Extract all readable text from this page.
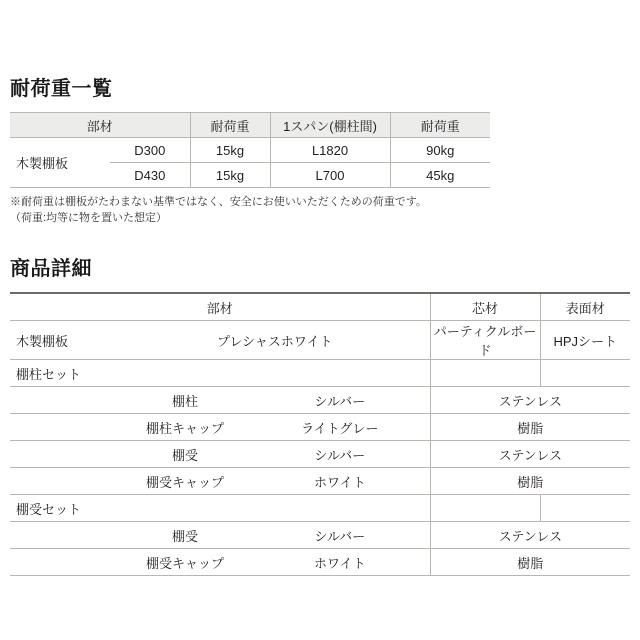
耐荷重一覧
部材		耐荷重	1スパン(棚柱間)	耐荷重	
木製棚板	D300	15kg	L1820	90kg	
	D430	15kg	L700	45kg	
※耐荷重は棚板がたわまない基準ではなく、安全にお使いいただくための荷重です。
（荷重:均等に物を置いた想定）
商品詳細
部材			芯材	表面材
木製棚板	プレシャスホワイト		パーティクルボード	HPJシート
棚柱セット				
	棚柱	シルバー	ステンレス	
	棚柱キャップ	ライトグレー	樹脂	
	棚受	シルバー	ステンレス	
	棚受キャップ	ホワイト	樹脂	
棚受セット				
	棚受	シルバー	ステンレス	
	棚受キャップ	ホワイト	樹脂	
